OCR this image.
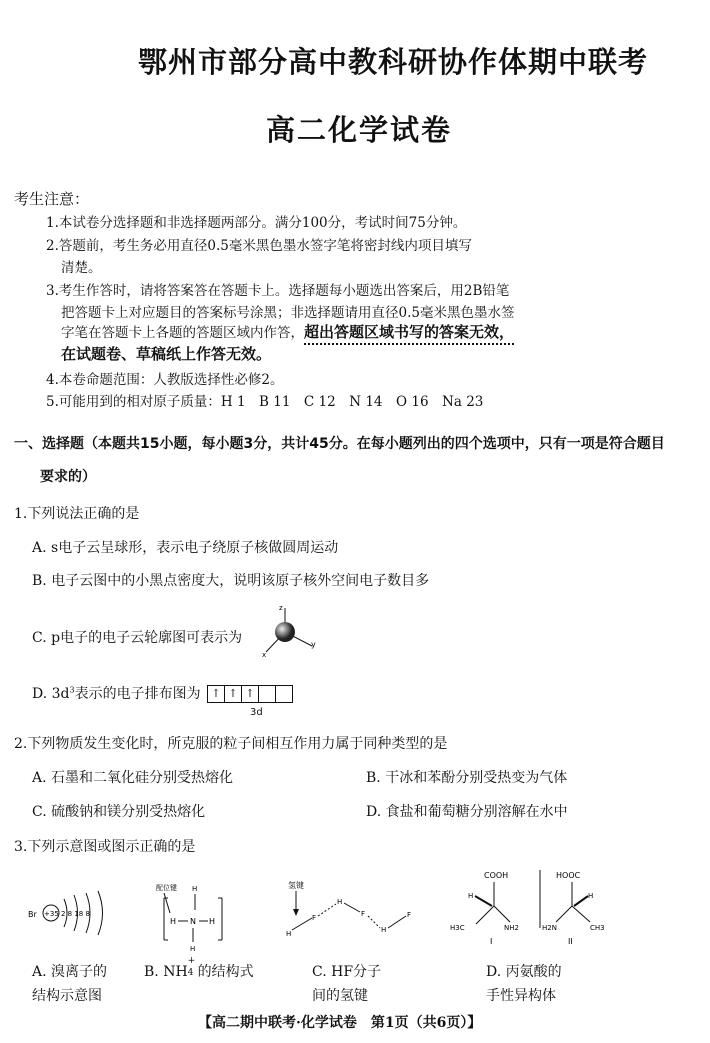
鄂州市部分高中教科研协作体期中联考
高二化学试卷
考生注意：
1.本试卷分选择题和非选择题两部分。满分100分，考试时间75分钟。
2.答题前，考生务必用直径0.5毫米黑色墨水签字笔将密封线内项目填写
清楚。
3.考生作答时，请将答案答在答题卡上。选择题每小题选出答案后，用2B铅笔
把答题卡上对应题目的答案标号涂黑；非选择题请用直径0.5毫米黑色墨水签
字笔在答题卡上各题的答题区域内作答，超出答题区域书写的答案无效，
在试题卷、草稿纸上作答无效。
4.本卷命题范围：人教版选择性必修2。
5.可能用到的相对原子质量：H 1　B 11　C 12　N 14　O 16　Na 23
一、选择题（本题共15小题，每小题3分，共计45分。在每小题列出的四个选项中，只有一项是符合题目
要求的）
1.下列说法正确的是
A. s电子云呈球形，表示电子绕原子核做圆周运动
B. 电子云图中的小黑点密度大，说明该原子核外空间电子数目多
C. p电子的电子云轮廓图可表示为
z
y
x
D. $3d^3$表示的电子排布图为 ↑ ↑ ↑
3d
2.下列物质发生变化时，所克服的粒子间相互作用力属于同种类型的是
A. 石墨和二氧化硅分别受热熔化	B. 干冰和苯酚分别受热变为气体
C. 硫酸钠和镁分别受热熔化	D. 食盐和葡萄糖分别溶解在水中
3.下列示意图或图示正确的是
Br +35 2 8 18 8
配位键 H
H N H
H
氢键
H
F
H
F
H
F
COOH
H
H3C	NH2
I
HOOC
H
H2N	CH3
II
A. 溴离子的
结构示意图
B. NH
+
4 的结构式	C. HF分子
间的氢键
D. 丙氨酸的
手性异构体
【高二期中联考·化学试卷　第1页（共6页）】
